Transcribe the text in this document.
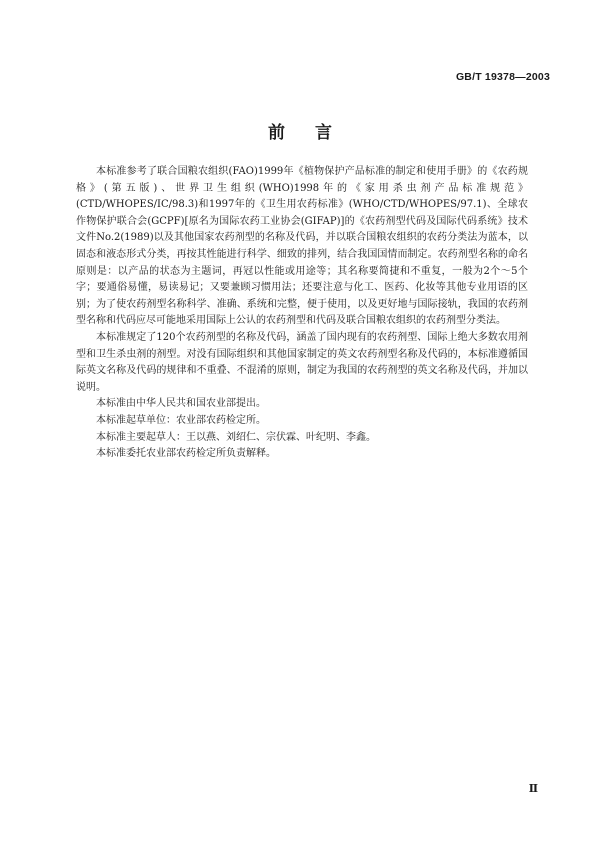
GB/T 19378—2003
前 言

本标准参考了联合国粮农组织(FAO)1999年《植物保护产品标准的制定和使用手册》的《农药规格》(第五版)、世界卫生组织(WHO)1998年的《家用杀虫剂产品标准规范》(CTD/WHOPES/IC/98.3)和1997年的《卫生用农药标准》(WHO/CTD/WHOPES/97.1)、全球农作物保护联合会(GCPF)[原名为国际农药工业协会(GIFAP)]的《农药剂型代码及国际代码系统》技术文件No.2(1989)以及其他国家农药剂型的名称及代码，并以联合国粮农组织的农药分类法为蓝本，以固态和液态形式分类，再按其性能进行科学、细致的排列，结合我国国情而制定。农药剂型名称的命名原则是：以产品的状态为主题词，再冠以性能或用途等；其名称要简捷和不重复，一般为2个～5个字；要通俗易懂，易读易记；又要兼顾习惯用法；还要注意与化工、医药、化妆等其他专业用语的区别；为了使农药剂型名称科学、准确、系统和完整，便于使用，以及更好地与国际接轨，我国的农药剂型名称和代码应尽可能地采用国际上公认的农药剂型和代码及联合国粮农组织的农药剂型分类法。

本标准规定了120个农药剂型的名称及代码，涵盖了国内现有的农药剂型、国际上绝大多数农用剂型和卫生杀虫剂的剂型。对没有国际组织和其他国家制定的英文农药剂型名称及代码的，本标准遵循国际英文名称及代码的规律和不重叠、不混淆的原则，制定为我国的农药剂型的英文名称及代码，并加以说明。

本标准由中华人民共和国农业部提出。

本标准起草单位：农业部农药检定所。

本标准主要起草人：王以燕、刘绍仁、宗伏霖、叶纪明、李鑫。

本标准委托农业部农药检定所负责解释。

Ⅱ
